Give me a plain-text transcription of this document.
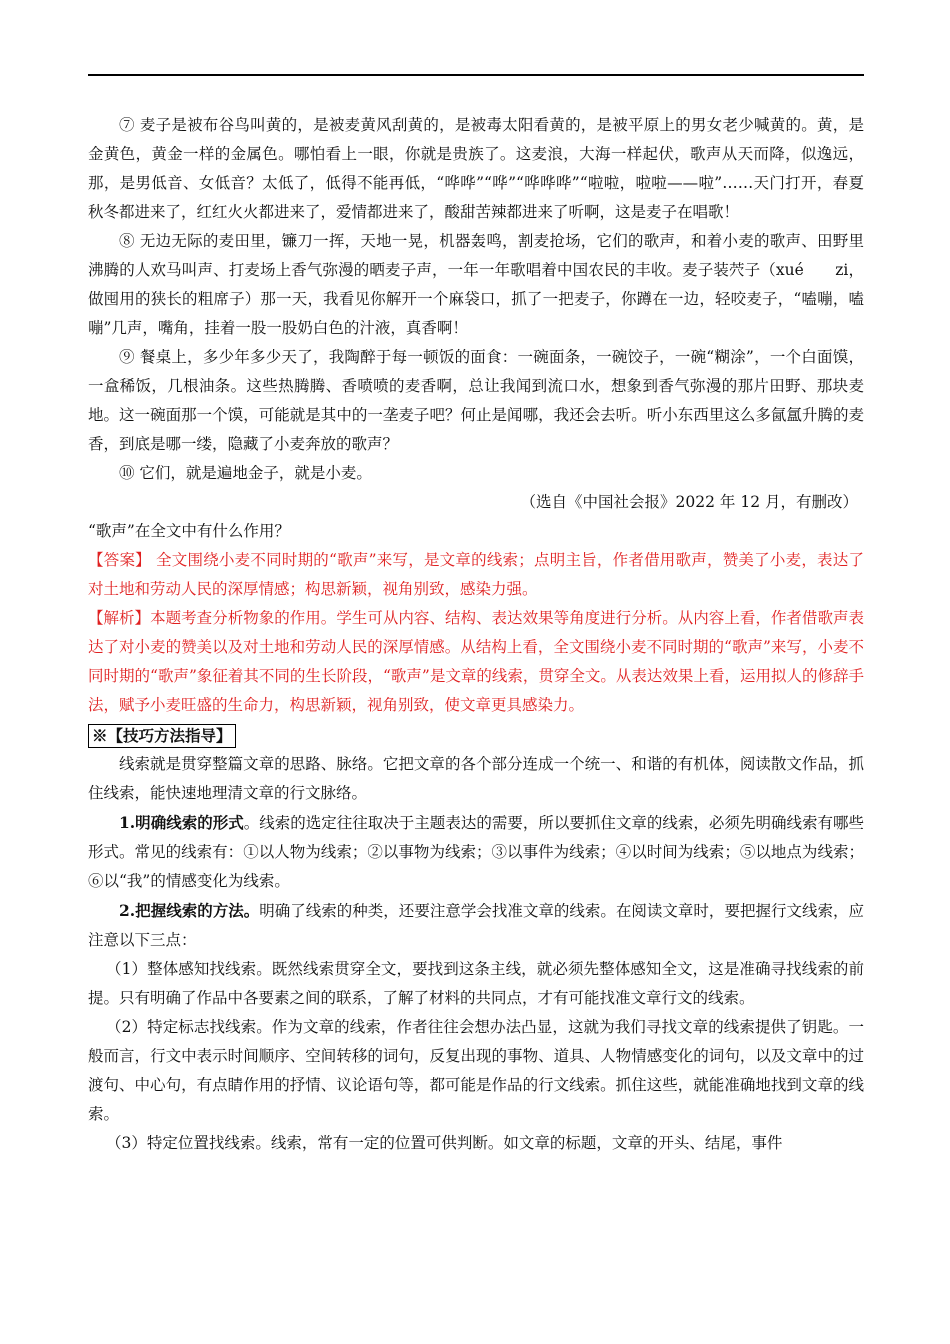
⑦ 麦子是被布谷鸟叫黄的，是被麦黄风刮黄的，是被毒太阳看黄的，是被平原上的男女老少喊黄的。黄，是金黄色，黄金一样的金属色。哪怕看上一眼，你就是贵族了。这麦浪，大海一样起伏，歌声从天而降，似逸远，那，是男低音、女低音？太低了，低得不能再低，“哗哗”“哗”“哗哗哗”“啦啦，啦啦——啦”……天门打开，春夏秋冬都进来了，红红火火都进来了，爱情都进来了，酸甜苦辣都进来了听啊，这是麦子在唱歌！

⑧ 无边无际的麦田里，镰刀一挥，天地一晃，机器轰鸣，割麦抢场，它们的歌声，和着小麦的歌声、田野里沸腾的人欢马叫声、打麦场上香气弥漫的晒麦子声，一年一年歌唱着中国农民的丰收。麦子装茓子（xué　　zi，做囤用的狭长的粗席子）那一天，我看见你解开一个麻袋口，抓了一把麦子，你蹲在一边，轻咬麦子，“嗑嘣，嗑嘣”几声，嘴角，挂着一股一股奶白色的汁液，真香啊！

⑨ 餐桌上，多少年多少天了，我陶醉于每一顿饭的面食：一碗面条，一碗饺子，一碗“糊涂”，一个白面馍，一盒稀饭，几根油条。这些热腾腾、香喷喷的麦香啊，总让我闻到流口水，想象到香气弥漫的那片田野、那块麦地。这一碗面那一个馍，可能就是其中的一垄麦子吧？何止是闻哪，我还会去听。听小东西里这么多氤氲升腾的麦香，到底是哪一缕，隐藏了小麦奔放的歌声？

⑩ 它们，就是遍地金子，就是小麦。

（选自《中国社会报》2022 年 12 月，有删改）

“歌声”在全文中有什么作用？

【答案】 全文围绕小麦不同时期的“歌声”来写，是文章的线索；点明主旨，作者借用歌声，赞美了小麦，表达了对土地和劳动人民的深厚情感；构思新颖，视角别致，感染力强。

【解析】本题考查分析物象的作用。学生可从内容、结构、表达效果等角度进行分析。从内容上看，作者借歌声表达了对小麦的赞美以及对土地和劳动人民的深厚情感。从结构上看，全文围绕小麦不同时期的“歌声”来写，小麦不同时期的“歌声”象征着其不同的生长阶段，“歌声”是文章的线索，贯穿全文。从表达效果上看，运用拟人的修辞手法，赋予小麦旺盛的生命力，构思新颖，视角别致，使文章更具感染力。

※【技巧方法指导】

线索就是贯穿整篇文章的思路、脉络。它把文章的各个部分连成一个统一、和谐的有机体，阅读散文作品，抓住线索，能快速地理清文章的行文脉络。

1.明确线索的形式。线索的选定往往取决于主题表达的需要，所以要抓住文章的线索，必须先明确线索有哪些形式。常见的线索有：①以人物为线索；②以事物为线索；③以事件为线索；④以时间为线索；⑤以地点为线索；⑥以“我”的情感变化为线索。

2.把握线索的方法。明确了线索的种类，还要注意学会找准文章的线索。在阅读文章时，要把握行文线索，应注意以下三点：

（1）整体感知找线索。既然线索贯穿全文，要找到这条主线，就必须先整体感知全文，这是准确寻找线索的前提。只有明确了作品中各要素之间的联系，了解了材料的共同点，才有可能找准文章行文的线索。

（2）特定标志找线索。作为文章的线索，作者往往会想办法凸显，这就为我们寻找文章的线索提供了钥匙。一般而言，行文中表示时间顺序、空间转移的词句，反复出现的事物、道具、人物情感变化的词句，以及文章中的过渡句、中心句，有点睛作用的抒情、议论语句等，都可能是作品的行文线索。抓住这些，就能准确地找到文章的线索。

（3）特定位置找线索。线索，常有一定的位置可供判断。如文章的标题，文章的开头、结尾，事件
